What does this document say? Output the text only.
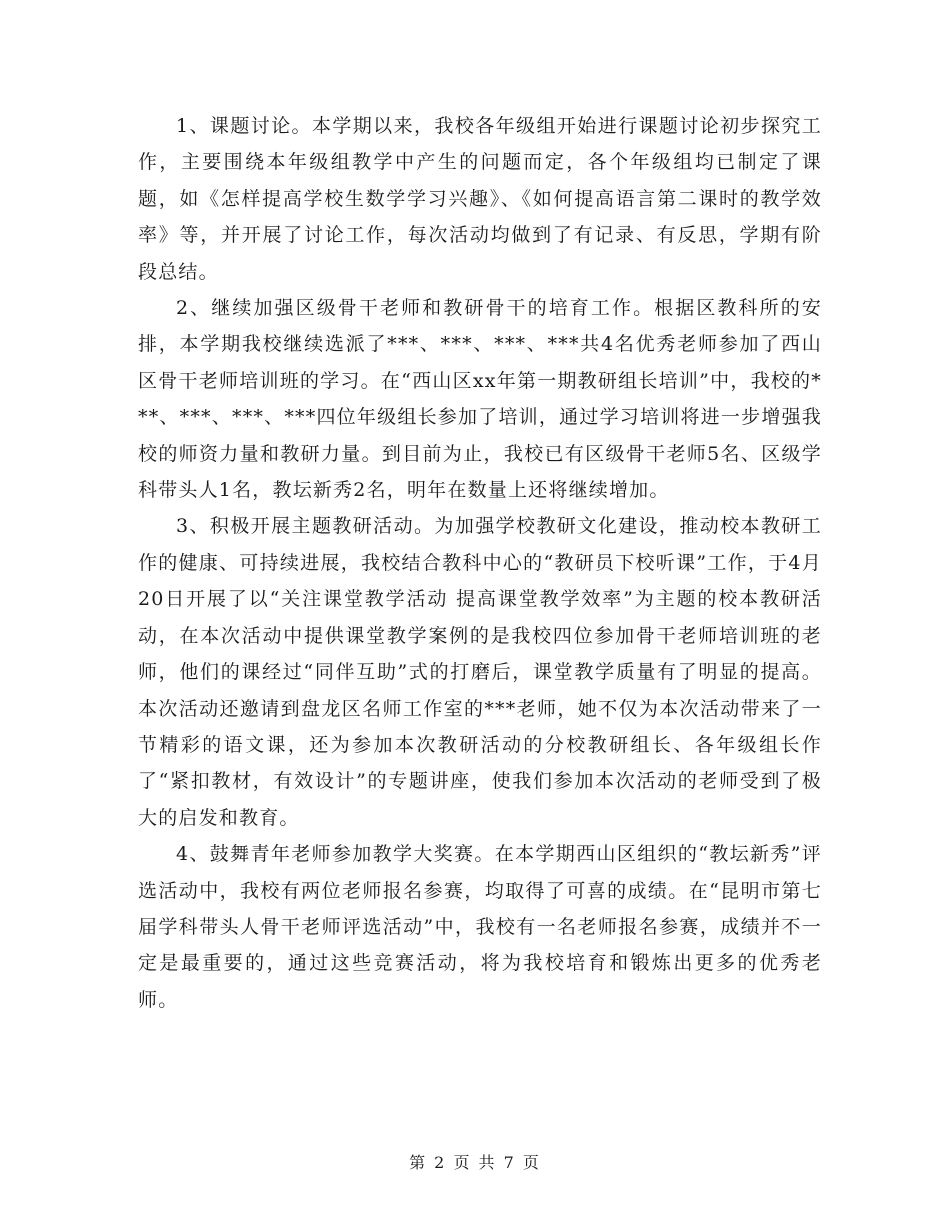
1、课题讨论。本学期以来，我校各年级组开始进行课题讨论初步探究工作，主要围绕本年级组教学中产生的问题而定，各个年级组均已制定了课题，如《怎样提高学校生数学学习兴趣》、《如何提高语言第二课时的教学效率》等，并开展了讨论工作，每次活动均做到了有记录、有反思，学期有阶段总结。

2、继续加强区级骨干老师和教研骨干的培育工作。根据区教科所的安排，本学期我校继续选派了***、***、***、***共4名优秀老师参加了西山区骨干老师培训班的学习。在“西山区xx年第一期教研组长培训”中，我校的***、***、***、***四位年级组长参加了培训，通过学习培训将进一步增强我校的师资力量和教研力量。到目前为止，我校已有区级骨干老师5名、区级学科带头人1名，教坛新秀2名，明年在数量上还将继续增加。

3、积极开展主题教研活动。为加强学校教研文化建设，推动校本教研工作的健康、可持续进展，我校结合教科中心的“教研员下校听课”工作，于4月20日开展了以“关注课堂教学活动 提高课堂教学效率”为主题的校本教研活动，在本次活动中提供课堂教学案例的是我校四位参加骨干老师培训班的老师，他们的课经过“同伴互助”式的打磨后，课堂教学质量有了明显的提高。本次活动还邀请到盘龙区名师工作室的***老师，她不仅为本次活动带来了一节精彩的语文课，还为参加本次教研活动的分校教研组长、各年级组长作了“紧扣教材，有效设计”的专题讲座，使我们参加本次活动的老师受到了极大的启发和教育。

4、鼓舞青年老师参加教学大奖赛。在本学期西山区组织的“教坛新秀”评选活动中，我校有两位老师报名参赛，均取得了可喜的成绩。在“昆明市第七届学科带头人骨干老师评选活动”中，我校有一名老师报名参赛，成绩并不一定是最重要的，通过这些竞赛活动，将为我校培育和锻炼出更多的优秀老师。

第 2 页 共 7 页
